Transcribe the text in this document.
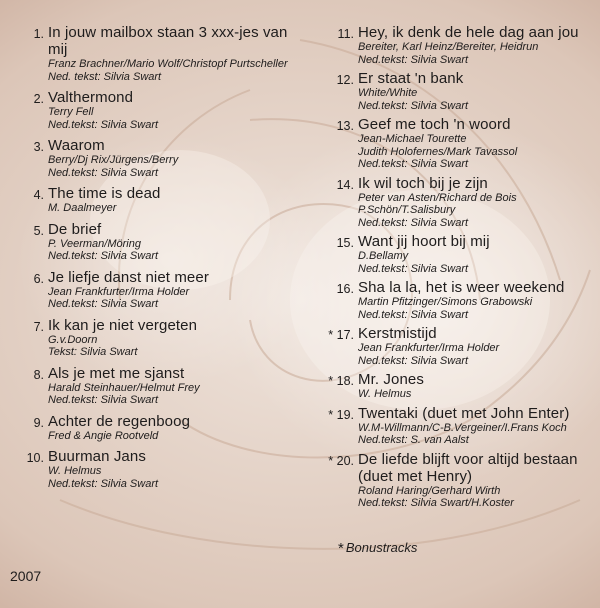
1. In jouw mailbox staan 3 xxx-jes van mij
Franz Brachner/Mario Wolf/Christopf Purtscheller
Ned. tekst: Silvia Swart
2. Valthermond
Terry Fell
Ned.tekst: Silvia Swart
3. Waarom
Berry/Dj Rix/Jürgens/Berry
Ned.tekst: Silvia Swart
4. The time is dead
M. Daalmeyer
5. De brief
P. Veerman/Möring
Ned.tekst: Silvia Swart
6. Je liefje danst niet meer
Jean Frankfurter/Irma Holder
Ned.tekst: Silvia Swart
7. Ik kan je niet vergeten
G.v.Doorn
Tekst: Silvia Swart
8. Als je met me sjanst
Harald Steinhauer/Helmut Frey
Ned.tekst: Silvia Swart
9. Achter de regenboog
Fred & Angie Rootveld
10. Buurman Jans
W. Helmus
Ned.tekst: Silvia Swart
11. Hey, ik denk de hele dag aan jou
Bereiter, Karl Heinz/Bereiter, Heidrun
Ned.tekst: Silvia Swart
12. Er staat 'n bank
White/White
Ned.tekst: Silvia Swart
13. Geef me toch 'n woord
Jean-Michael Tourette
Judith Holofernes/Mark Tavassol
Ned.tekst: Silvia Swart
14. Ik wil toch bij je zijn
Peter van Asten/Richard de Bois
P.Schön/T.Salisbury
Ned.tekst: Silvia Swart
15. Want jij hoort bij mij
D.Bellamy
Ned.tekst: Silvia Swart
16. Sha la la, het is weer weekend
Martin Pfitzinger/Simons Grabowski
Ned.tekst: Silvia Swart
* 17. Kerstmistijd
Jean Frankfurter/Irma Holder
Ned.tekst: Silvia Swart
* 18. Mr. Jones
W. Helmus
* 19. Twentaki (duet met John Enter)
W.M-Willmann/C-B.Vergeiner/I.Frans Koch
Ned.tekst: S. van Aalst
* 20. De liefde blijft voor altijd bestaan (duet met Henry)
Roland Haring/Gerhard Wirth
Ned.tekst: Silvia Swart/H.Koster
* Bonustracks
2007
